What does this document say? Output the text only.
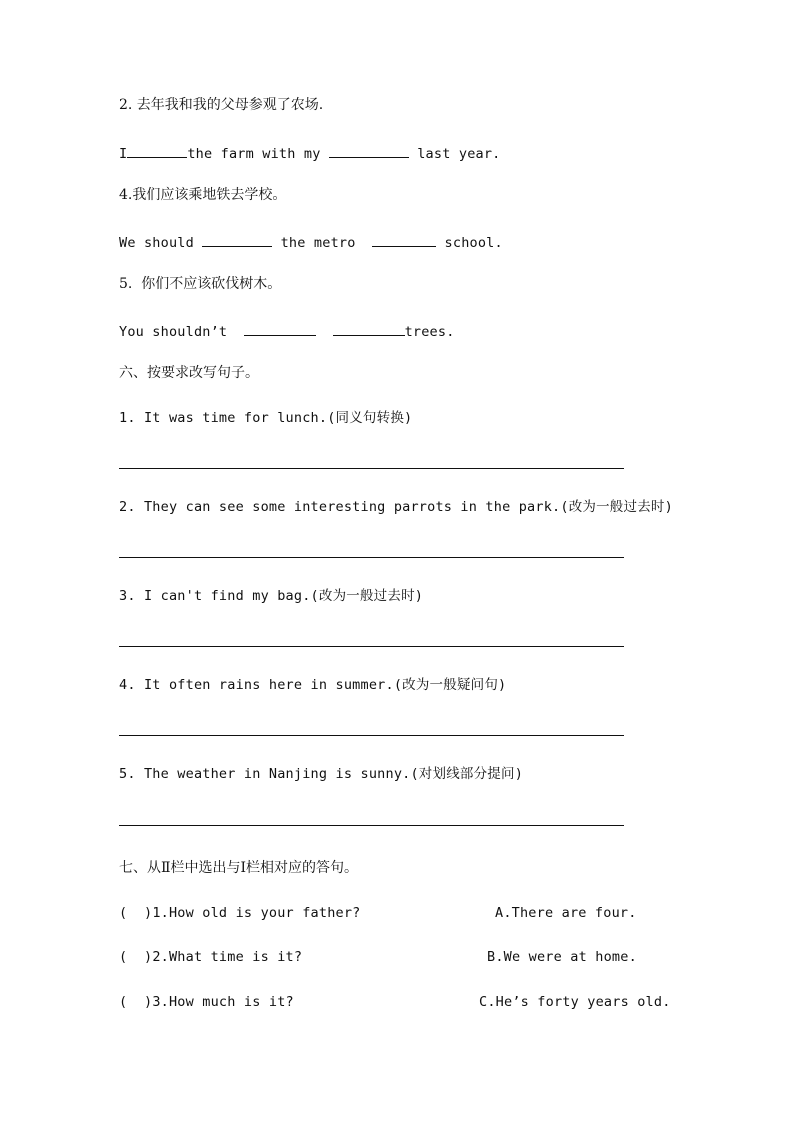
2. 去年我和我的父母参观了农场.
I	the farm with my	last year.
4.我们应该乘地铁去学校。
We should	the metro	school.
5.  你们不应该砍伐树木。
You shouldn’t	trees.
六、按要求改写句子。
1. It was time for lunch.(同义句转换)
2. They can see some interesting parrots in the park.(改为一般过去时)
3. I can't find my bag.(改为一般过去时)
4. It often rains here in summer.(改为一般疑问句)
5. The weather in Nanjing is sunny.(对划线部分提问)
七、从Ⅱ栏中选出与Ⅰ栏相对应的答句。
(  )1.How old is your father?	A.There are four.
(  )2.What time is it?	B.We were at home.
(  )3.How much is it?	C.He’s forty years old.
